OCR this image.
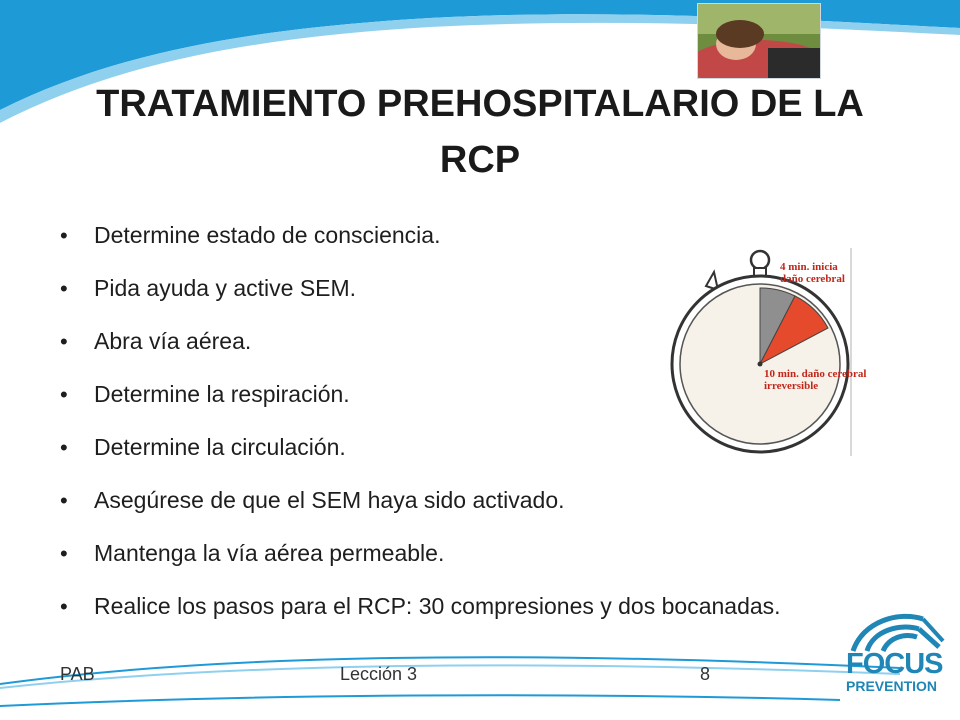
TRATAMIENTO PREHOSPITALARIO DE LA RCP
• Determine estado de consciencia.
• Pida ayuda y active SEM.
• Abra vía aérea.
• Determine la respiración.
• Determine la circulación.
• Asegúrese de que el SEM haya sido activado.
• Mantenga la vía aérea permeable.
• Realice los pasos para el RCP: 30 compresiones y dos bocanadas.
4 min. inicia daño cerebral
10 min. daño cerebral irreversible
PAB	Lección 3	8	FOCUS
PREVENTION
